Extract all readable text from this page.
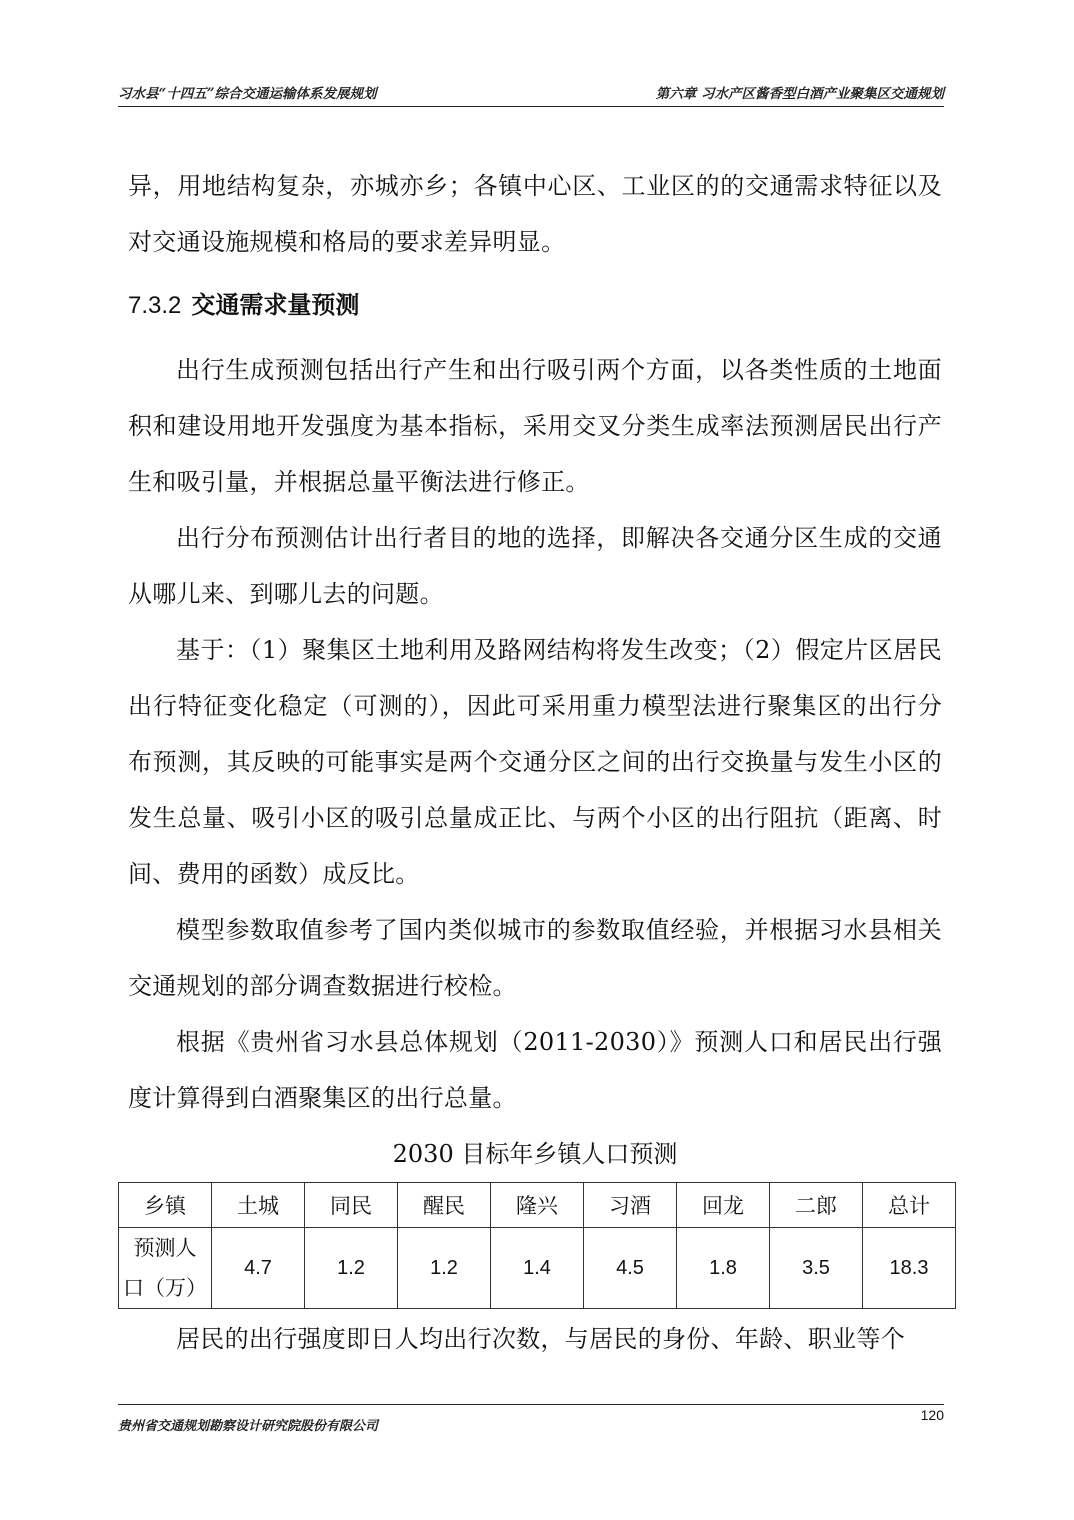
习水县“十四五”综合交通运输体系发展规划	第六章 习水产区酱香型白酒产业聚集区交通规划

异，用地结构复杂，亦城亦乡；各镇中心区、工业区的的交通需求特征以及对交通设施规模和格局的要求差异明显。

7.3.2 交通需求量预测

出行生成预测包括出行产生和出行吸引两个方面，以各类性质的土地面积和建设用地开发强度为基本指标，采用交叉分类生成率法预测居民出行产生和吸引量，并根据总量平衡法进行修正。

出行分布预测估计出行者目的地的选择，即解决各交通分区生成的交通从哪儿来、到哪儿去的问题。

基于：（1）聚集区土地利用及路网结构将发生改变；（2）假定片区居民出行特征变化稳定（可测的），因此可采用重力模型法进行聚集区的出行分布预测，其反映的可能事实是两个交通分区之间的出行交换量与发生小区的发生总量、吸引小区的吸引总量成正比、与两个小区的出行阻抗（距离、时间、费用的函数）成反比。

模型参数取值参考了国内类似城市的参数取值经验，并根据习水县相关交通规划的部分调查数据进行校检。

根据《贵州省习水县总体规划（2011-2030）》预测人口和居民出行强度计算得到白酒聚集区的出行总量。

2030 目标年乡镇人口预测
乡镇	土城	同民	醒民	隆兴	习酒	回龙	二郎	总计

预测人
口（万）	4.7	1.2	1.2	1.4	4.5	1.8	3.5	18.3

居民的出行强度即日人均出行次数，与居民的身份、年龄、职业等个

贵州省交通规划勘察设计研究院股份有限公司
120
